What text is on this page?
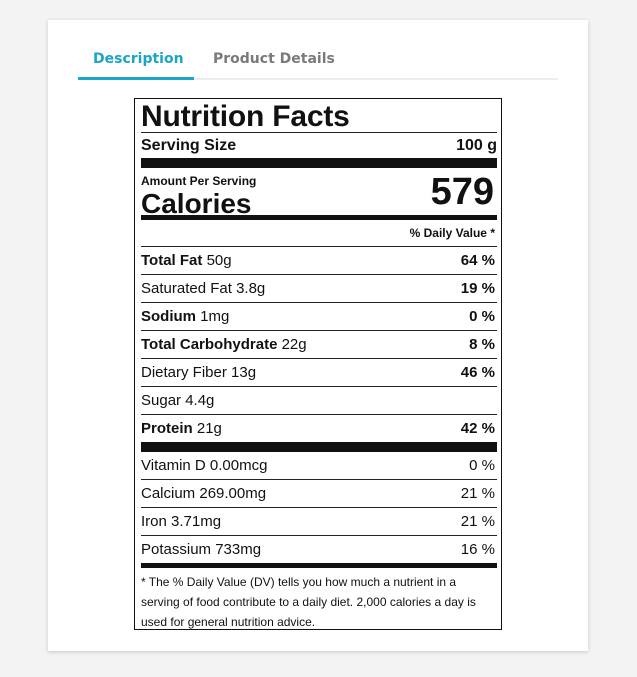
Description	Product Details
Nutrition Facts
Serving Size	100 g
Amount Per Serving
Calories	579
% Daily Value *
Total Fat 50g	64 %
Saturated Fat 3.8g	19 %
Sodium 1mg	0 %
Total Carbohydrate 22g	8 %
Dietary Fiber 13g	46 %
Sugar 4.4g
Protein 21g	42 %
Vitamin D 0.00mcg	0 %
Calcium 269.00mg	21 %
Iron 3.71mg	21 %
Potassium 733mg	16 %
* The % Daily Value (DV) tells you how much a nutrient in a serving of food contribute to a daily diet. 2,000 calories a day is used for general nutrition advice.
